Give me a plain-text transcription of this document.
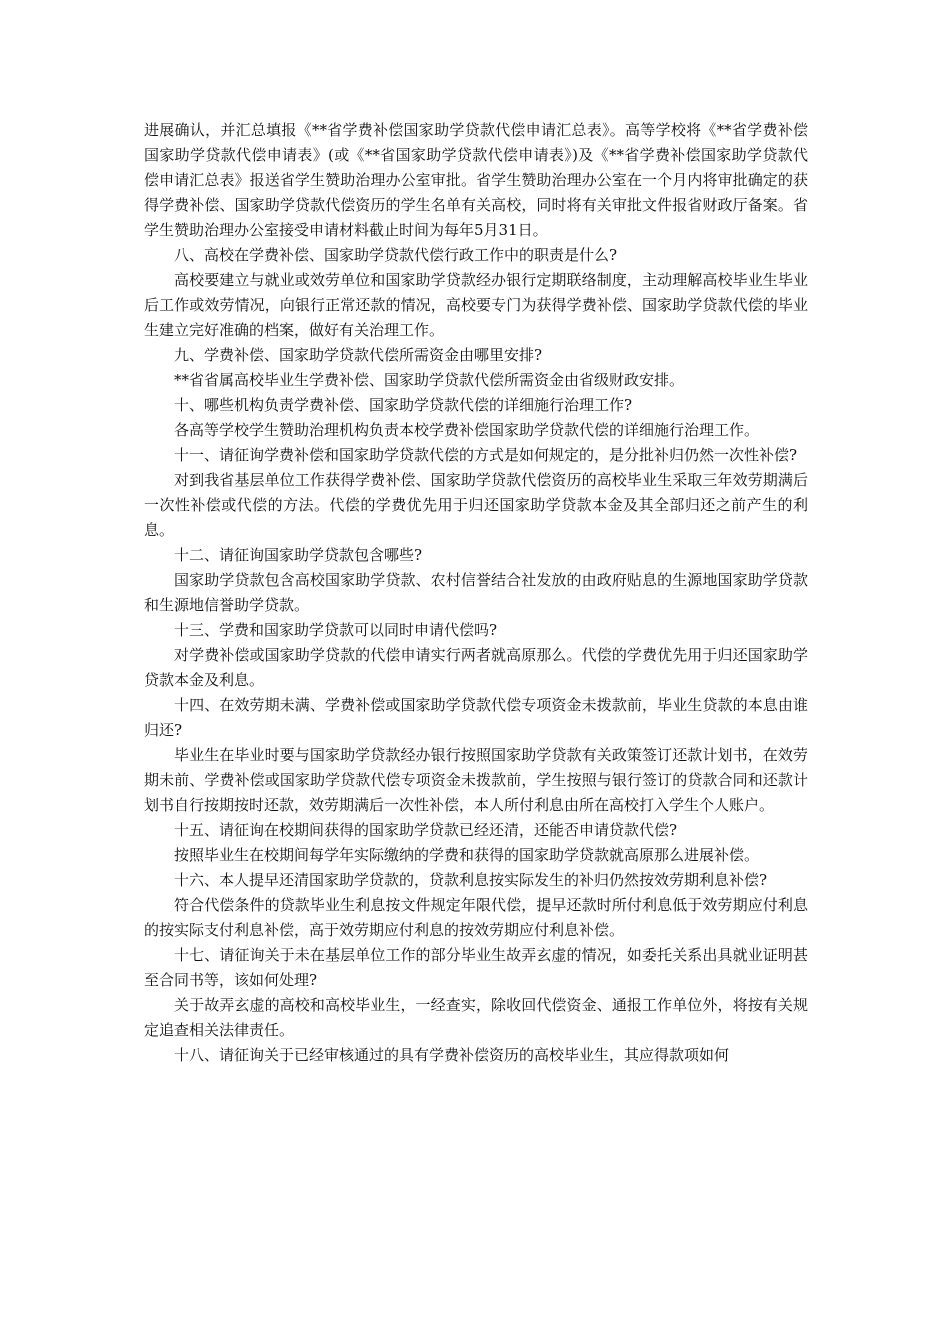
进展确认，并汇总填报《**省学费补偿国家助学贷款代偿申请汇总表》。高等学校将《**省学费补偿国家助学贷款代偿申请表》(或《**省国家助学贷款代偿申请表》)及《**省学费补偿国家助学贷款代偿申请汇总表》报送省学生赞助治理办公室审批。省学生赞助治理办公室在一个月内将审批确定的获得学费补偿、国家助学贷款代偿资历的学生名单有关高校，同时将有关审批文件报省财政厅备案。省学生赞助治理办公室接受申请材料截止时间为每年5月31日。

八、高校在学费补偿、国家助学贷款代偿行政工作中的职责是什么?

高校要建立与就业或效劳单位和国家助学贷款经办银行定期联络制度，主动理解高校毕业生毕业后工作或效劳情况，向银行正常还款的情况，高校要专门为获得学费补偿、国家助学贷款代偿的毕业生建立完好准确的档案，做好有关治理工作。

九、学费补偿、国家助学贷款代偿所需资金由哪里安排?

**省省属高校毕业生学费补偿、国家助学贷款代偿所需资金由省级财政安排。

十、哪些机构负责学费补偿、国家助学贷款代偿的详细施行治理工作?

各高等学校学生赞助治理机构负责本校学费补偿国家助学贷款代偿的详细施行治理工作。

十一、请征询学费补偿和国家助学贷款代偿的方式是如何规定的，是分批补归仍然一次性补偿?

对到我省基层单位工作获得学费补偿、国家助学贷款代偿资历的高校毕业生采取三年效劳期满后一次性补偿或代偿的方法。代偿的学费优先用于归还国家助学贷款本金及其全部归还之前产生的利息。

十二、请征询国家助学贷款包含哪些?

国家助学贷款包含高校国家助学贷款、农村信誉结合社发放的由政府贴息的生源地国家助学贷款和生源地信誉助学贷款。

十三、学费和国家助学贷款可以同时申请代偿吗?

对学费补偿或国家助学贷款的代偿申请实行两者就高原那么。代偿的学费优先用于归还国家助学贷款本金及利息。

十四、在效劳期未满、学费补偿或国家助学贷款代偿专项资金未拨款前，毕业生贷款的本息由谁归还?

毕业生在毕业时要与国家助学贷款经办银行按照国家助学贷款有关政策签订还款计划书，在效劳期未前、学费补偿或国家助学贷款代偿专项资金未拨款前，学生按照与银行签订的贷款合同和还款计划书自行按期按时还款，效劳期满后一次性补偿，本人所付利息由所在高校打入学生个人账户。

十五、请征询在校期间获得的国家助学贷款已经还清，还能否申请贷款代偿?

按照毕业生在校期间每学年实际缴纳的学费和获得的国家助学贷款就高原那么进展补偿。

十六、本人提早还清国家助学贷款的，贷款利息按实际发生的补归仍然按效劳期利息补偿?

符合代偿条件的贷款毕业生利息按文件规定年限代偿，提早还款时所付利息低于效劳期应付利息的按实际支付利息补偿，高于效劳期应付利息的按效劳期应付利息补偿。

十七、请征询关于未在基层单位工作的部分毕业生故弄玄虚的情况，如委托关系出具就业证明甚至合同书等，该如何处理?

关于故弄玄虚的高校和高校毕业生，一经查实，除收回代偿资金、通报工作单位外，将按有关规定追查相关法律责任。

十八、请征询关于已经审核通过的具有学费补偿资历的高校毕业生，其应得款项如何
